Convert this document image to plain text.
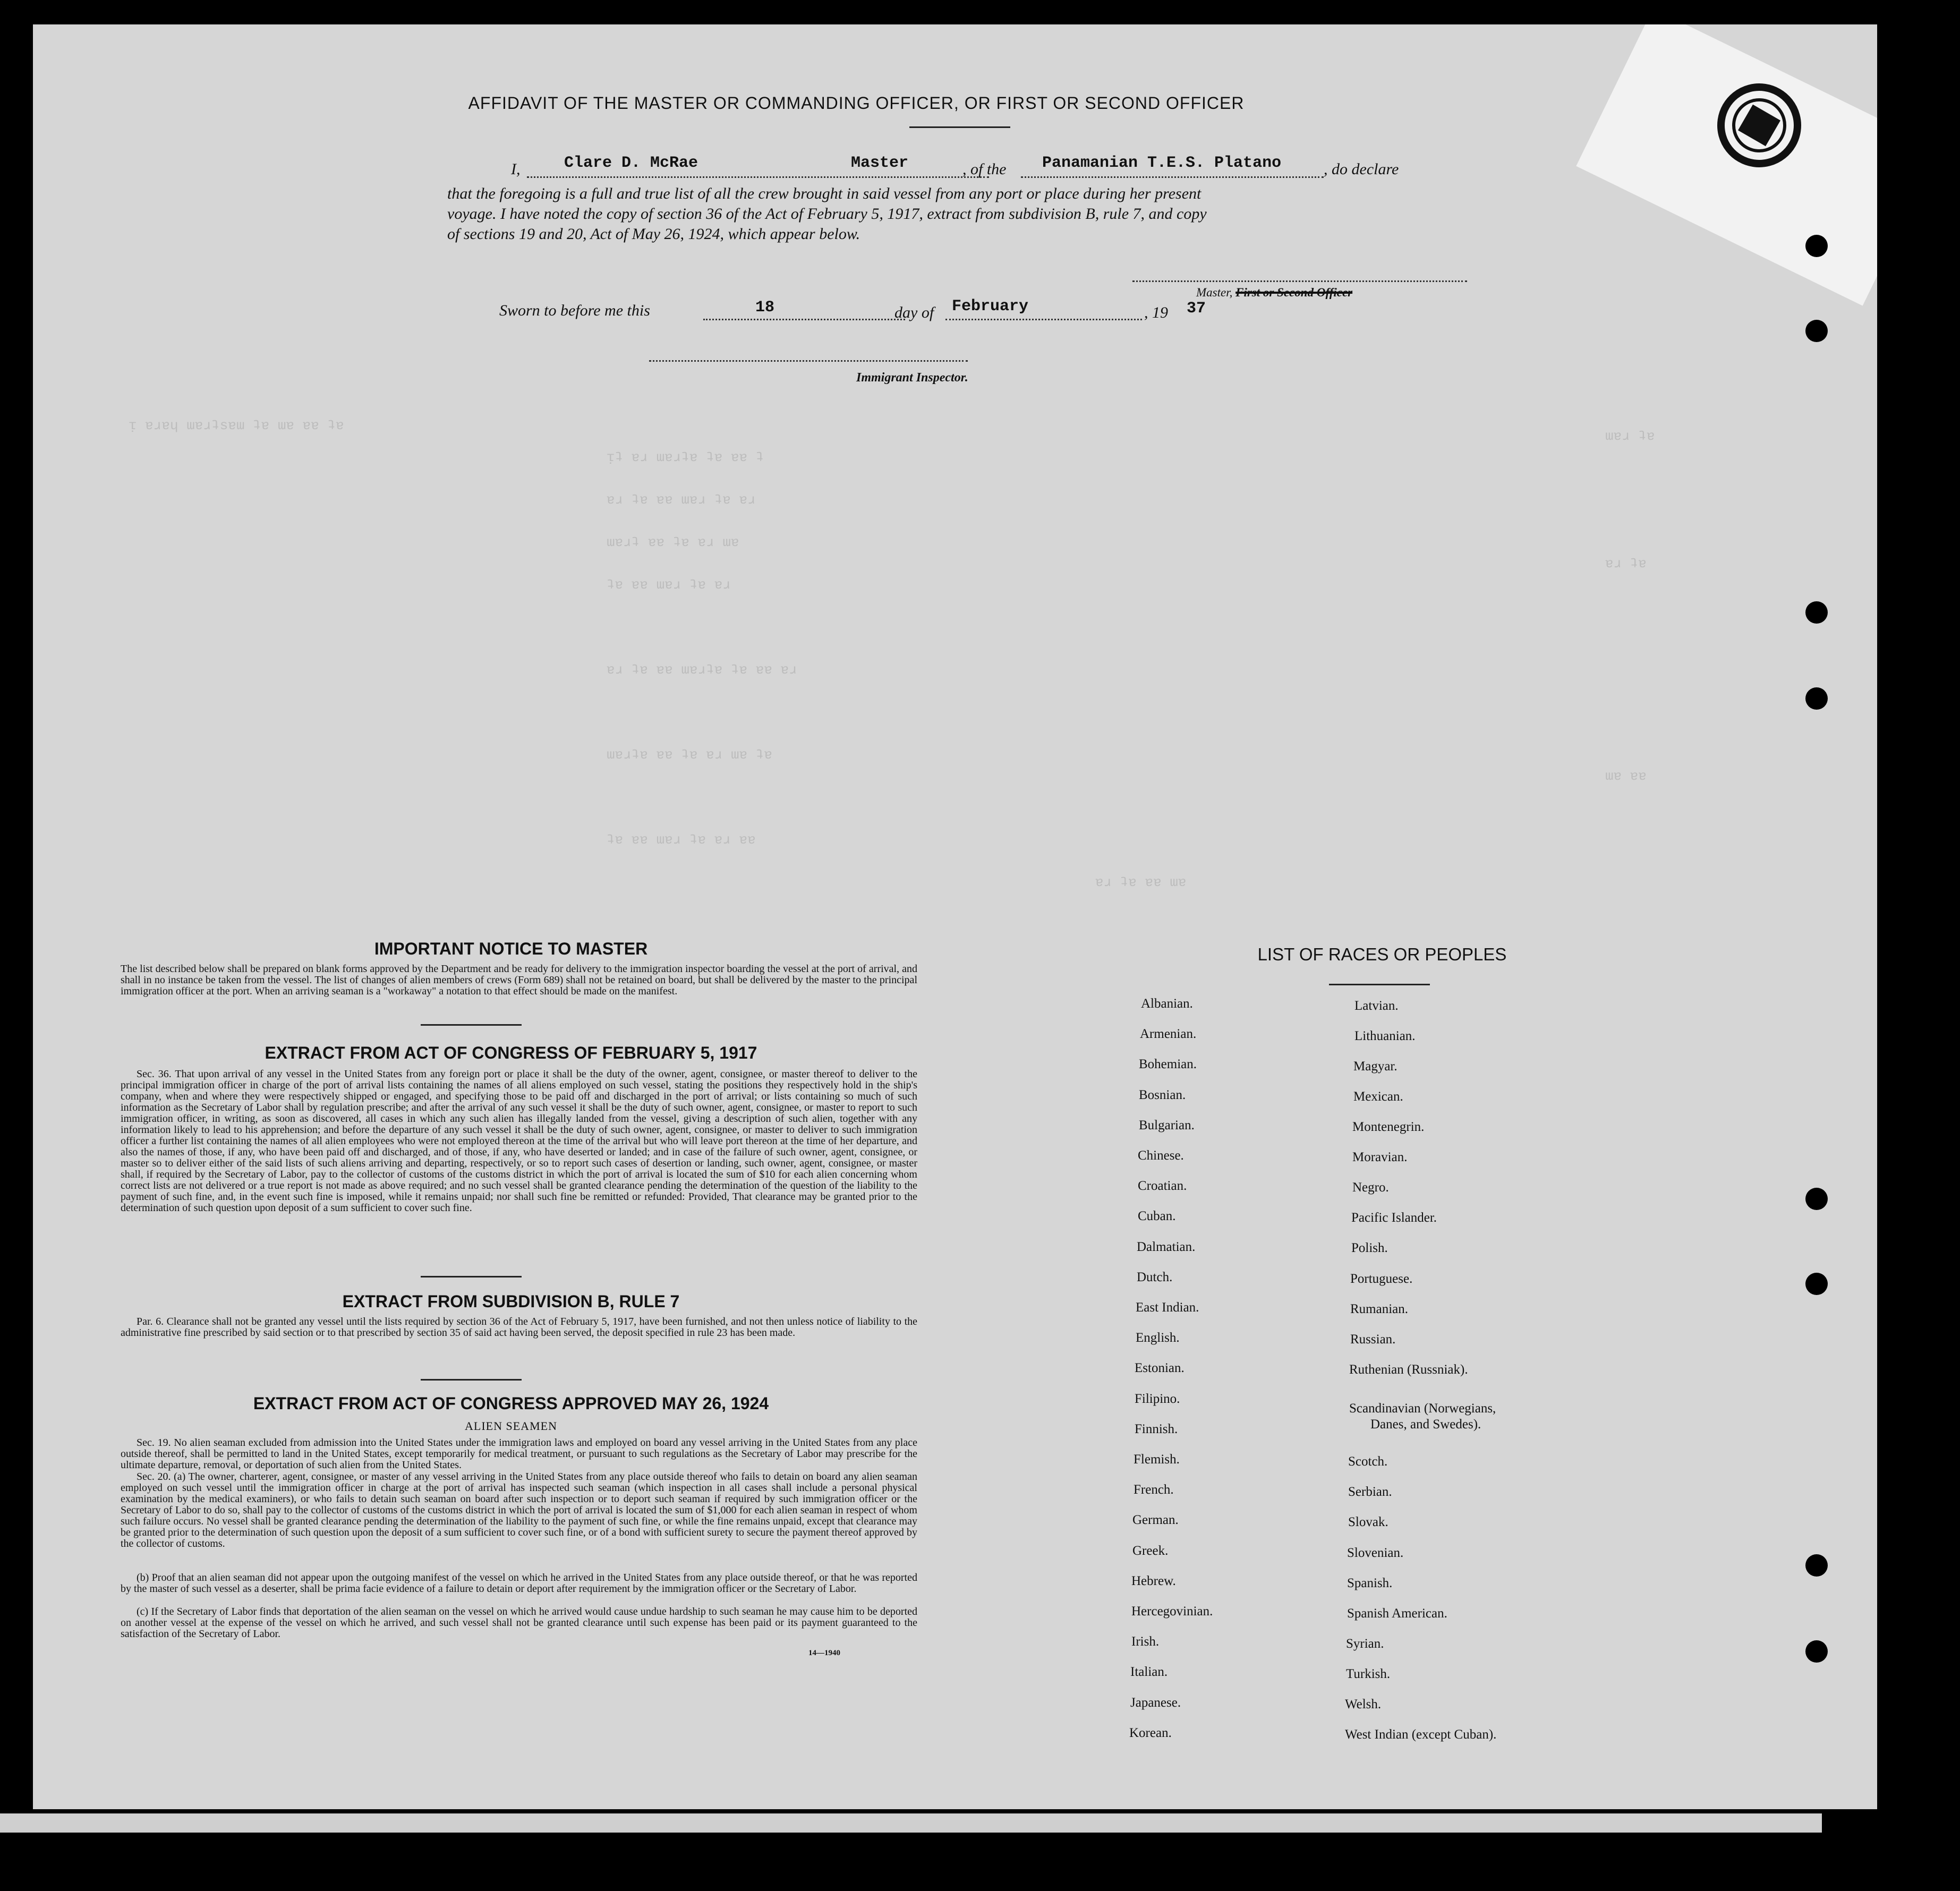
ᴉ ɐɹɐɥ ɯɐɹʇsɐɯ ʇɐ ɯɐ ɐɐ ʇɐ
ᴉʇ ɐɹ ɯɐɹʇɐ ʇɐ ɐɐ ʇ
ɐɹ ʇɐ ɐɐ ɯɐɹ ʇɐ ɐɹ
ɯɐɹʇ ɐɐ ʇɐ ɐɹ ɯɐ
ʇɐ ɐɐ ɯɐɹ ʇɐ ɐɹ
ɐɹ ʇɐ ɐɐ ɯɐɹʇɐ ʇɐ ɐɐ ɐɹ
ɯɐɹʇɐ ɐɐ ʇɐ ɐɹ ɯɐ ʇɐ
ʇɐ ɐɐ ɯɐɹ ʇɐ ɐɹ ɐɐ
ɐɹ ʇɐ ɐɐ ɯɐ
ɯɐɹ ʇɐ
ɐɹ ʇɐ
ɯɐ ɐɐ
AFFIDAVIT OF THE MASTER OR COMMANDING OFFICER, OR FIRST OR SECOND OFFICER
I,	Clare D. McRae	Master	, of the Panamanian T.E.S. Platano	, do declare
that the foregoing is a full and true list of all the crew brought in said vessel from any port or place during her present
voyage. I have noted the copy of section 36 of the Act of February 5, 1917, extract from subdivision B, rule 7, and copy
of sections 19 and 20, Act of May 26, 1924, which appear below.
Master, First or Second Officer
Sworn to before me this	18	day of February	, 19 37
Immigrant Inspector.
IMPORTANT NOTICE TO MASTER
The list described below shall be prepared on blank forms approved by the Department and be ready for delivery to the immigration inspector boarding the vessel at the port of arrival, and shall in no instance be taken from the vessel. The list of changes of alien members of crews (Form 689) shall not be retained on board, but shall be delivered by the master to the principal immigration officer at the port. When an arriving seaman is a "workaway" a notation to that effect should be made on the manifest.
EXTRACT FROM ACT OF CONGRESS OF FEBRUARY 5, 1917
Sec. 36. That upon arrival of any vessel in the United States from any foreign port or place it shall be the duty of the owner, agent, consignee, or master thereof to deliver to the principal immigration officer in charge of the port of arrival lists containing the names of all aliens employed on such vessel, stating the positions they respectively hold in the ship's company, when and where they were respectively shipped or engaged, and specifying those to be paid off and discharged in the port of arrival; or lists containing so much of such information as the Secretary of Labor shall by regulation prescribe; and after the arrival of any such vessel it shall be the duty of such owner, agent, consignee, or master to report to such immigration officer, in writing, as soon as discovered, all cases in which any such alien has illegally landed from the vessel, giving a description of such alien, together with any information likely to lead to his apprehension; and before the departure of any such vessel it shall be the duty of such owner, agent, consignee, or master to deliver to such immigration officer a further list containing the names of all alien employees who were not employed thereon at the time of the arrival but who will leave port thereon at the time of her departure, and also the names of those, if any, who have been paid off and discharged, and of those, if any, who have deserted or landed; and in case of the failure of such owner, agent, consignee, or master so to deliver either of the said lists of such aliens arriving and departing, respectively, or so to report such cases of desertion or landing, such owner, agent, consignee, or master shall, if required by the Secretary of Labor, pay to the collector of customs of the customs district in which the port of arrival is located the sum of $10 for each alien concerning whom correct lists are not delivered or a true report is not made as above required; and no such vessel shall be granted clearance pending the determination of the question of the liability to the payment of such fine, and, in the event such fine is imposed, while it remains unpaid; nor shall such fine be remitted or refunded: Provided, That clearance may be granted prior to the determination of such question upon deposit of a sum sufficient to cover such fine.
EXTRACT FROM SUBDIVISION B, RULE 7
Par. 6. Clearance shall not be granted any vessel until the lists required by section 36 of the Act of February 5, 1917, have been furnished, and not then unless notice of liability to the administrative fine prescribed by said section or to that prescribed by section 35 of said act having been served, the deposit specified in rule 23 has been made.
EXTRACT FROM ACT OF CONGRESS APPROVED MAY 26, 1924
ALIEN SEAMEN
Sec. 19. No alien seaman excluded from admission into the United States under the immigration laws and employed on board any vessel arriving in the United States from any place outside thereof, shall be permitted to land in the United States, except temporarily for medical treatment, or pursuant to such regulations as the Secretary of Labor may prescribe for the ultimate departure, removal, or deportation of such alien from the United States.
Sec. 20. (a) The owner, charterer, agent, consignee, or master of any vessel arriving in the United States from any place outside thereof who fails to detain on board any alien seaman employed on such vessel until the immigration officer in charge at the port of arrival has inspected such seaman (which inspection in all cases shall include a personal physical examination by the medical examiners), or who fails to detain such seaman on board after such inspection or to deport such seaman if required by such immigration officer or the Secretary of Labor to do so, shall pay to the collector of customs of the customs district in which the port of arrival is located the sum of $1,000 for each alien seaman in respect of whom such failure occurs. No vessel shall be granted clearance pending the determination of the liability to the payment of such fine, or while the fine remains unpaid, except that clearance may be granted prior to the determination of such question upon the deposit of a sum sufficient to cover such fine, or of a bond with sufficient surety to secure the payment thereof approved by the collector of customs.
(b) Proof that an alien seaman did not appear upon the outgoing manifest of the vessel on which he arrived in the United States from any place outside thereof, or that he was reported by the master of such vessel as a deserter, shall be prima facie evidence of a failure to detain or deport after requirement by the immigration officer or the Secretary of Labor.
(c) If the Secretary of Labor finds that deportation of the alien seaman on the vessel on which he arrived would cause undue hardship to such seaman he may cause him to be deported on another vessel at the expense of the vessel on which he arrived, and such vessel shall not be granted clearance until such expense has been paid or its payment guaranteed to the satisfaction of the Secretary of Labor.
14—1940
LIST OF RACES OR PEOPLES
Albanian.
Armenian.
Bohemian.
Bosnian.
Bulgarian.
Chinese.
Croatian.
Cuban.
Dalmatian.
Dutch.
East Indian.
English.
Estonian.
Filipino.
Finnish.
Flemish.
French.
German.
Greek.
Hebrew.
Hercegovinian.
Irish.
Italian.
Japanese.
Korean.
Latvian.
Lithuanian.
Magyar.
Mexican.
Montenegrin.
Moravian.
Negro.
Pacific Islander.
Polish.
Portuguese.
Rumanian.
Russian.
Ruthenian (Russniak).
Scandinavian (Norwegians,
Danes, and Swedes).
Scotch.
Serbian.
Slovak.
Slovenian.
Spanish.
Spanish American.
Syrian.
Turkish.
Welsh.
West Indian (except Cuban).
